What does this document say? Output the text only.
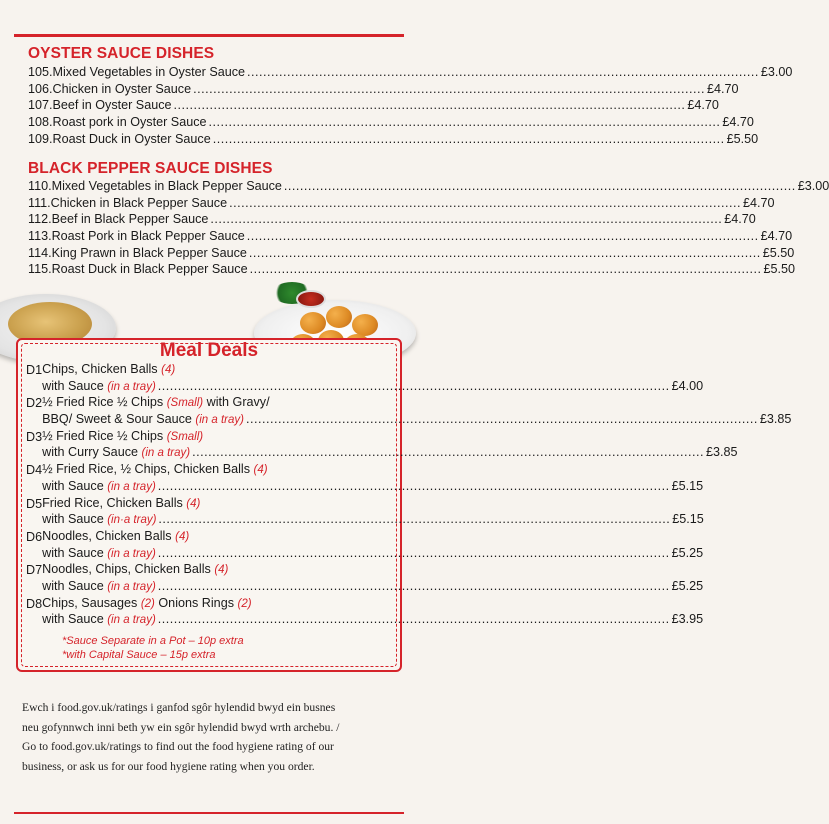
OYSTER SAUCE DISHES
105. Mixed Vegetables in Oyster Sauce .....	£3.00
106. Chicken in Oyster Sauce .....	£4.70
107. Beef in Oyster Sauce .....	£4.70
108. Roast pork in Oyster Sauce .....	£4.70
109. Roast Duck in Oyster Sauce .....	£5.50
BLACK PEPPER SAUCE DISHES
110. Mixed Vegetables in Black Pepper Sauce .....	£3.00
111. Chicken in Black Pepper Sauce .....	£4.70
112. Beef in Black Pepper Sauce .....	£4.70
113. Roast Pork in Black Pepper Sauce .....	£4.70
114. King Prawn in Black Pepper Sauce .....	£5.50
115. Roast Duck in Black Pepper Sauce .....	£5.50
Meal Deals
D1 Chips, Chicken Balls (4)
with Sauce (in a tray) .....	£4.00
D2 ½ Fried Rice ½ Chips (Small) with Gravy/
BBQ/ Sweet & Sour Sauce (in a tray) .....	£3.85
D3 ½ Fried Rice ½ Chips (Small)
with Curry Sauce (in a tray) .....	£3.85
D4 ½ Fried Rice, ½ Chips, Chicken Balls (4)
with Sauce (in a tray) .....	£5.15
D5 Fried Rice, Chicken Balls (4)
with Sauce (in·a tray) .....	£5.15
D6 Noodles, Chicken Balls (4)
with Sauce (in a tray) .....	£5.25
D7 Noodles, Chips, Chicken Balls (4)
with Sauce (in a tray) .....	£5.25
D8 Chips, Sausages (2) Onions Rings (2)
with Sauce (in a tray) .....	£3.95
*Sauce Separate in a Pot – 10p extra
*with Capital Sauce – 15p extra
Ewch i food.gov.uk/ratings i ganfod sgôr hylendid bwyd ein busnes
neu gofynnwch inni beth yw ein sgôr hylendid bwyd wrth archebu. /
Go to food.gov.uk/ratings to find out the food hygiene rating of our
business, or ask us for our food hygiene rating when you order.
